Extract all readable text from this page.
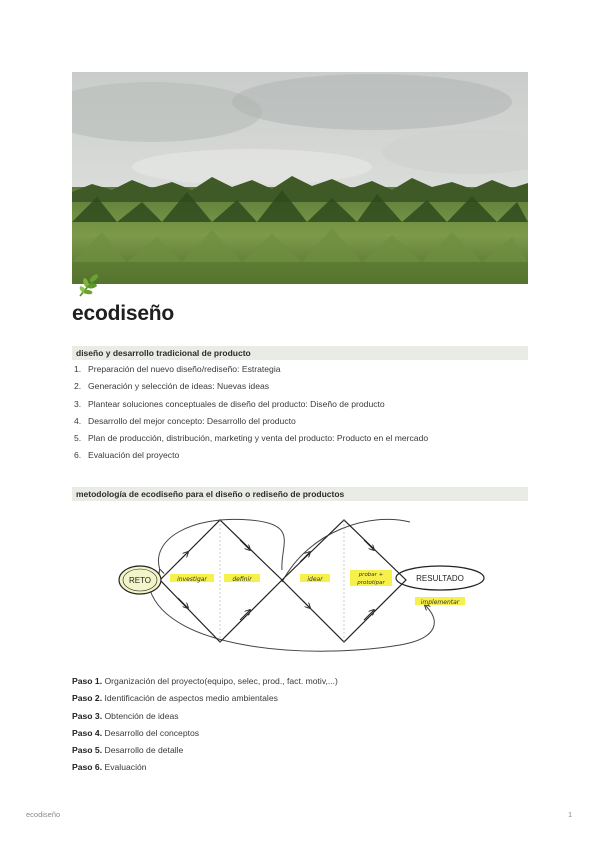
ecodiseño
diseño y desarrollo tradicional de producto
1. Preparación del nuevo diseño/rediseño: Estrategia
2. Generación y selección de ideas: Nuevas ideas
3. Plantear soluciones conceptuales de diseño del producto: Diseño de producto
4. Desarrollo del mejor concepto: Desarrollo del producto
5. Plan de producción, distribución, marketing y venta del producto: Producto en el mercado
6. Evaluación del proyecto
metodología de ecodiseño para el diseño o rediseño de productos
RETO	RESULTADO
investigar	definir	idear
probar +
prototipar
implementar
Paso 1. Organización del proyecto(equipo, selec, prod., fact. motiv,...)
Paso 2. Identificación de aspectos medio ambientales
Paso 3. Obtención de ideas
Paso 4. Desarrollo del conceptos
Paso 5. Desarrollo de detalle
Paso 6. Evaluación
ecodiseño	1
